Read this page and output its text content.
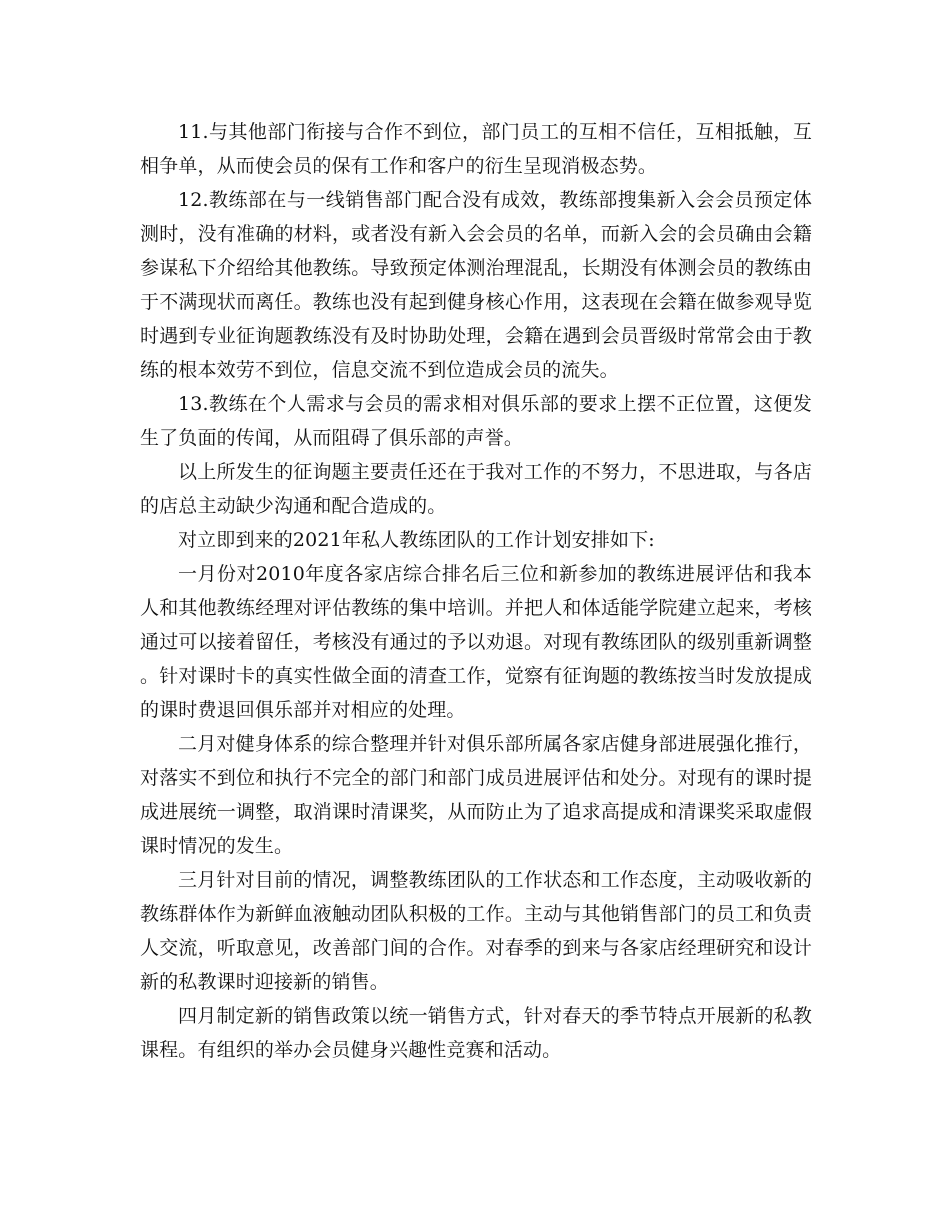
11.与其他部门衔接与合作不到位，部门员工的互相不信任，互相抵触，互相争单，从而使会员的保有工作和客户的衍生呈现消极态势。

12.教练部在与一线销售部门配合没有成效，教练部搜集新入会会员预定体测时，没有准确的材料，或者没有新入会会员的名单，而新入会的会员确由会籍参谋私下介绍给其他教练。导致预定体测治理混乱，长期没有体测会员的教练由于不满现状而离任。教练也没有起到健身核心作用，这表现在会籍在做参观导览时遇到专业征询题教练没有及时协助处理，会籍在遇到会员晋级时常常会由于教练的根本效劳不到位，信息交流不到位造成会员的流失。

13.教练在个人需求与会员的需求相对俱乐部的要求上摆不正位置，这便发生了负面的传闻，从而阻碍了俱乐部的声誉。

以上所发生的征询题主要责任还在于我对工作的不努力，不思进取，与各店的店总主动缺少沟通和配合造成的。

对立即到来的2021年私人教练团队的工作计划安排如下:

一月份对2010年度各家店综合排名后三位和新参加的教练进展评估和我本人和其他教练经理对评估教练的集中培训。并把人和体适能学院建立起来，考核通过可以接着留任，考核没有通过的予以劝退。对现有教练团队的级别重新调整。针对课时卡的真实性做全面的清查工作，觉察有征询题的教练按当时发放提成的课时费退回俱乐部并对相应的处理。

二月对健身体系的综合整理并针对俱乐部所属各家店健身部进展强化推行，对落实不到位和执行不完全的部门和部门成员进展评估和处分。对现有的课时提成进展统一调整，取消课时清课奖，从而防止为了追求高提成和清课奖采取虚假课时情况的发生。

三月针对目前的情况，调整教练团队的工作状态和工作态度，主动吸收新的教练群体作为新鲜血液触动团队积极的工作。主动与其他销售部门的员工和负责人交流，听取意见，改善部门间的合作。对春季的到来与各家店经理研究和设计新的私教课时迎接新的销售。

四月制定新的销售政策以统一销售方式，针对春天的季节特点开展新的私教课程。有组织的举办会员健身兴趣性竞赛和活动。
